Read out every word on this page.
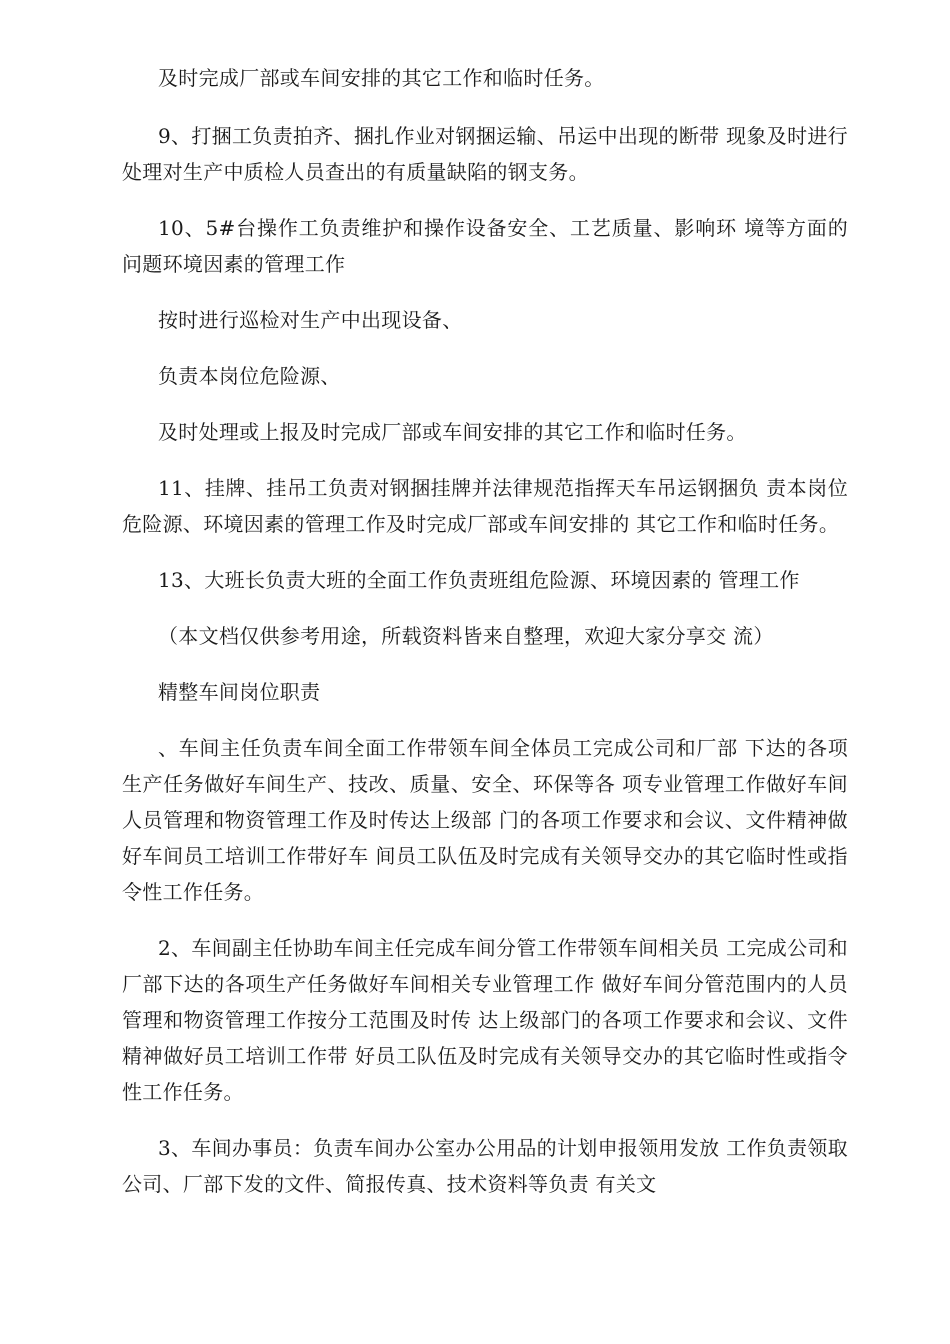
及时完成厂部或车间安排的其它工作和临时任务。

9、打捆工负责拍齐、捆扎作业对钢捆运输、吊运中出现的断带 现象及时进行处理对生产中质检人员查出的有质量缺陷的钢支务。

10、5#台操作工负责维护和操作设备安全、工艺质量、影响环 境等方面的问题环境因素的管理工作

按时进行巡检对生产中出现设备、

负责本岗位危险源、

及时处理或上报及时完成厂部或车间安排的其它工作和临时任务。

11、挂牌、挂吊工负责对钢捆挂牌并法律规范指挥天车吊运钢捆负 责本岗位危险源、环境因素的管理工作及时完成厂部或车间安排的 其它工作和临时任务。

13、大班长负责大班的全面工作负责班组危险源、环境因素的 管理工作

（本文档仅供参考用途，所载资料皆来自整理，欢迎大家分享交 流）

精整车间岗位职责

、车间主任负责车间全面工作带领车间全体员工完成公司和厂部 下达的各项生产任务做好车间生产、技改、质量、安全、环保等各 项专业管理工作做好车间人员管理和物资管理工作及时传达上级部 门的各项工作要求和会议、文件精神做好车间员工培训工作带好车 间员工队伍及时完成有关领导交办的其它临时性或指令性工作任务。

2、车间副主任协助车间主任完成车间分管工作带领车间相关员 工完成公司和厂部下达的各项生产任务做好车间相关专业管理工作 做好车间分管范围内的人员管理和物资管理工作按分工范围及时传 达上级部门的各项工作要求和会议、文件精神做好员工培训工作带 好员工队伍及时完成有关领导交办的其它临时性或指令性工作任务。

3、车间办事员：负责车间办公室办公用品的计划申报领用发放 工作负责领取公司、厂部下发的文件、简报传真、技术资料等负责 有关文
